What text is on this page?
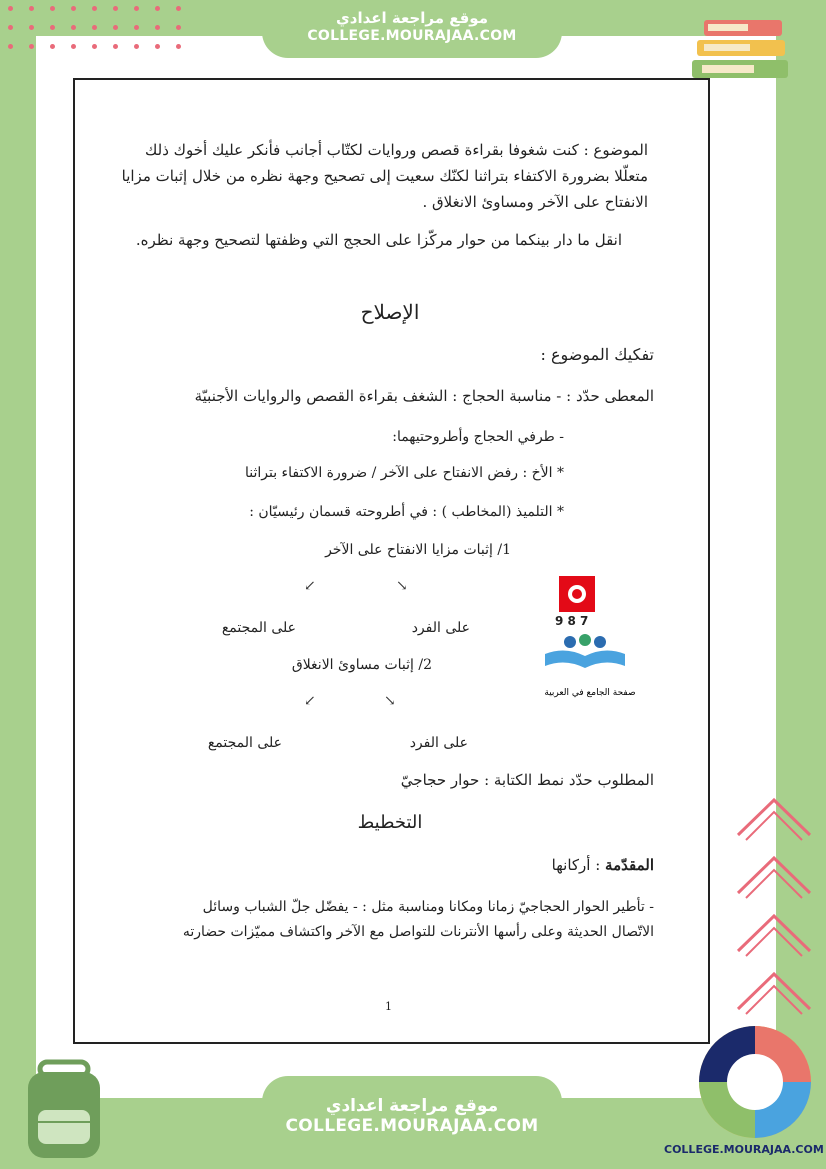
موقع مراجعة اعدادي
COLLEGE.MOURAJAA.COM
الموضوع : كنت شغوفا بقراءة قصص وروايات لكتّاب أجانب فأنكر عليك أخوك ذلك
متعلّلا بضرورة الاكتفاء بتراثنا لكنّك سعيت إلى تصحيح وجهة نظره من خلال إثبات مزايا
الانفتاح على الآخر ومساوئ الانغلاق .
انقل ما دار بينكما من حوار مركّزا على الحجج التي وظفتها لتصحيح وجهة نظره.
الإصلاح
تفكيك الموضوع :
المعطى حدّد : - مناسبة الحجاج : الشغف بقراءة القصص والروايات الأجنبيّة
- طرفي الحجاج وأطروحتيهما:
* الأخ : رفض الانفتاح على الآخر / ضرورة الاكتفاء بتراثنا
* التلميذ (المخاطب ) : في أطروحته قسمان رئيسيّان :
1/ إثبات مزايا الانفتاح على الآخر
↙	↘
على الفرد
على المجتمع
2/ إثبات مساوئ الانغلاق
↙	↘
على الفرد
على المجتمع
المطلوب حدّد نمط الكتابة : حوار حجاجيّ
التخطيط
المقدّمة : أركانها
- تأطير الحوار الحجاجيّ زمانا ومكانا ومناسبة مثل : - يفضّل جلّ الشباب وسائل
الاتّصال الحديثة وعلى رأسها الأنترنات للتواصل مع الآخر واكتشاف مميّزات حضارته
1
9 8 7
صفحة الجامع في العربية
COLLEGE.MOURAJAA.COM
موقع مراجعة اعدادي
COLLEGE.MOURAJAA.COM
